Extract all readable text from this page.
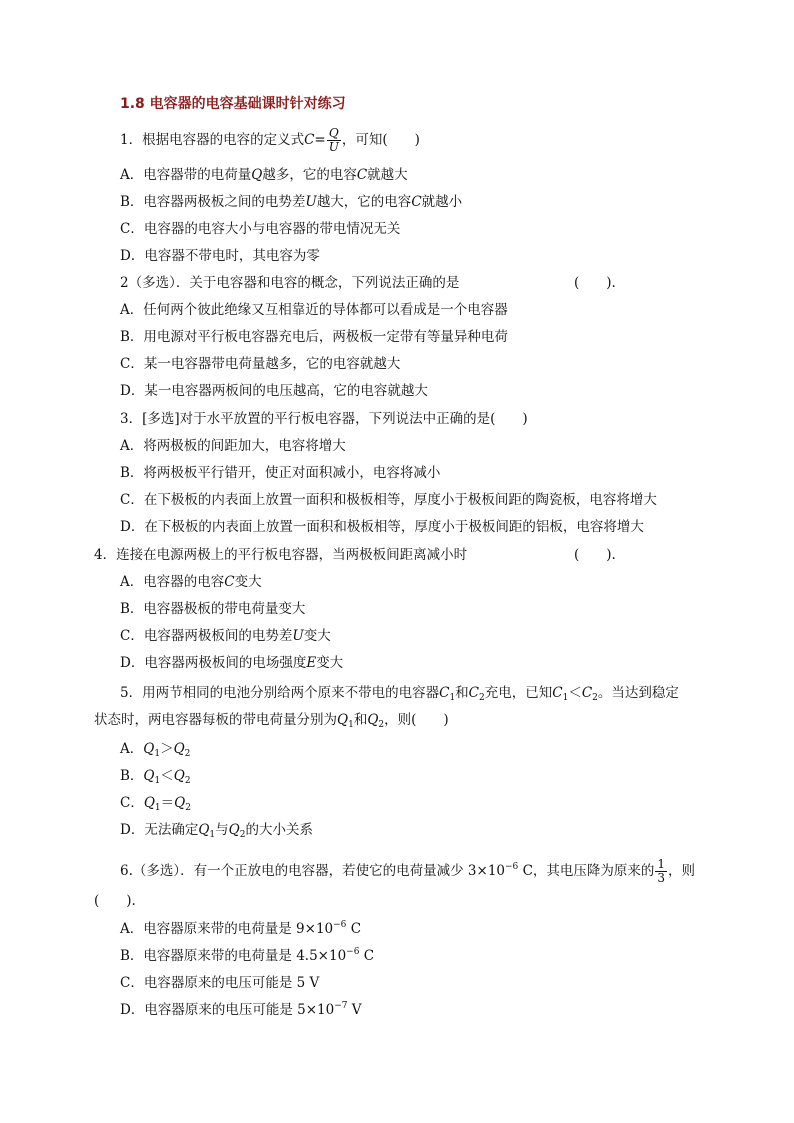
1.8 电容器的电容基础课时针对练习
1．根据电容器的电容的定义式$C= \frac{Q}{U}$ ，可知(　　)
A．电容器带的电荷量Q越多，它的电容C就越大
B．电容器两极板之间的电势差U越大，它的电容C就越小
C．电容器的电容大小与电容器的带电情况无关
D．电容器不带电时，其电容为零
2（多选）．关于电容器和电容的概念，下列说法正确的是	(　　).
A．任何两个彼此绝缘又互相靠近的导体都可以看成是一个电容器
B．用电源对平行板电容器充电后，两极板一定带有等量异种电荷
C．某一电容器带电荷量越多，它的电容就越大
D．某一电容器两板间的电压越高，它的电容就越大
3．[多选]对于水平放置的平行板电容器，下列说法中正确的是(　　)
A．将两极板的间距加大，电容将增大
B．将两极板平行错开，使正对面积减小，电容将减小
C．在下极板的内表面上放置一面积和极板相等，厚度小于极板间距的陶瓷板，电容将增大
D．在下极板的内表面上放置一面积和极板相等，厚度小于极板间距的铝板，电容将增大
4．连接在电源两极上的平行板电容器，当两极板间距离减小时	(　　).
A．电容器的电容C变大
B．电容器极板的带电荷量变大
C．电容器两极板间的电势差U变大
D．电容器两极板间的电场强度E变大
5．用两节相同的电池分别给两个原来不带电的电容器$C_1$和$C_2$充电，已知$C_1<C_2$。当达到稳定
状态时，两电容器每板的带电荷量分别为$Q_1$和$Q_2$，则(　　)
A．$Q_1>Q_2$
B．$Q_1<Q_2$
C．$Q_1=Q_2$
D．无法确定$Q_1$与$Q_2$的大小关系
6.（多选）．有一个正放电的电容器，若使它的电荷量减少 $3\times 10^{-6}$ C，其电压降为原来的 $\frac{1}{3}$ ，则
(　　).
A．电容器原来带的电荷量是 $9\times 10^{-6}$ C
B．电容器原来带的电荷量是 $4.5\times 10^{-6}$ C
C．电容器原来的电压可能是 5 V
D．电容器原来的电压可能是 $5\times 10^{-7}$ V
